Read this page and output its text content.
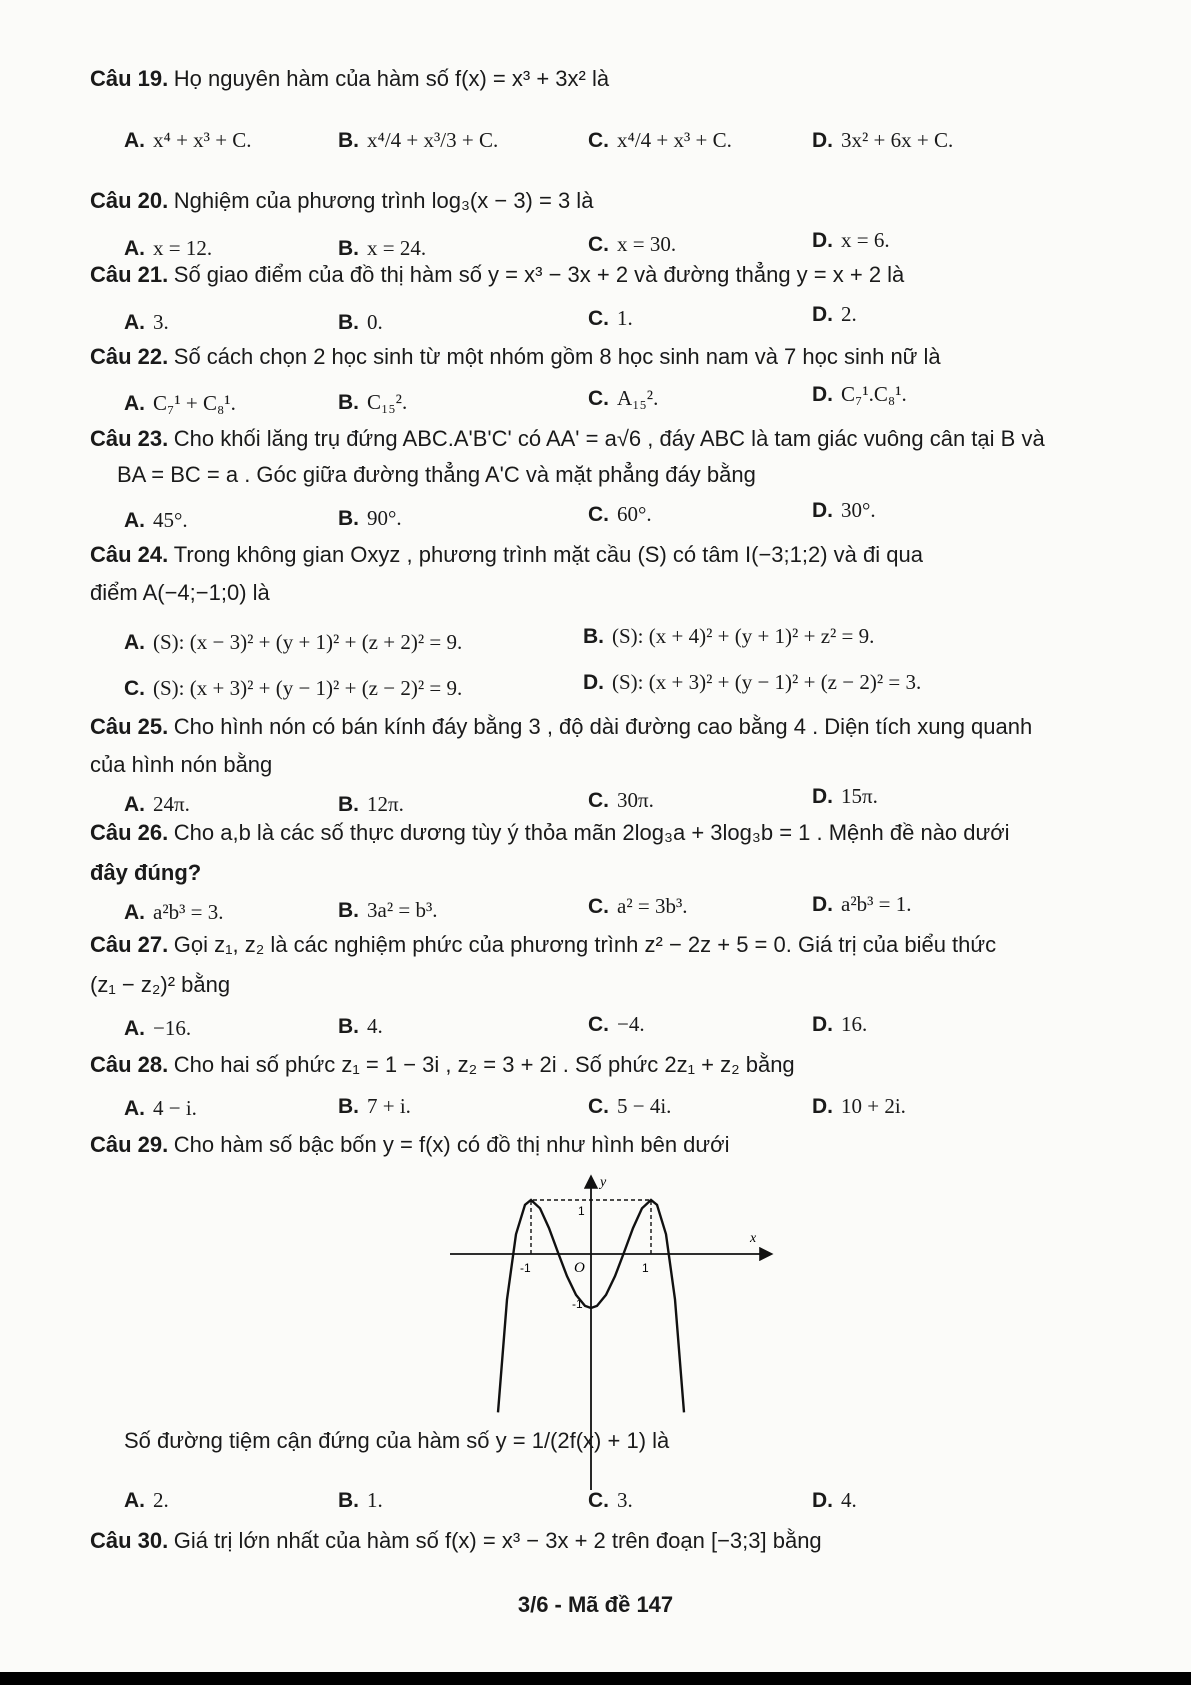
Câu 19. Họ nguyên hàm của hàm số f(x) = x³ + 3x² là
A. x⁴ + x³ + C.	B. x⁴/4 + x³/3 + C.	C. x⁴/4 + x³ + C.	D. 3x² + 6x + C.
Câu 20. Nghiệm của phương trình log₃(x − 3) = 3 là
A. x = 12.	B. x = 24.	C. x = 30.	D. x = 6.
Câu 21. Số giao điểm của đồ thị hàm số y = x³ − 3x + 2 và đường thẳng y = x + 2 là
A. 3.	B. 0.	C. 1.	D. 2.
Câu 22. Số cách chọn 2 học sinh từ một nhóm gồm 8 học sinh nam và 7 học sinh nữ là
A. C₇¹ + C₈¹.	B. C₁₅².	C. A₁₅².	D. C₇¹.C₈¹.
Câu 23. Cho khối lăng trụ đứng ABC.A'B'C' có AA' = a√6 , đáy ABC là tam giác vuông cân tại B và
BA = BC = a . Góc giữa đường thẳng A'C và mặt phẳng đáy bằng
A. 45°.	B. 90°.	C. 60°.	D. 30°.
Câu 24. Trong không gian Oxyz , phương trình mặt cầu (S) có tâm I(−3;1;2) và đi qua
điểm A(−4;−1;0) là
A. (S): (x − 3)² + (y + 1)² + (z + 2)² = 9.	B. (S): (x + 4)² + (y + 1)² + z² = 9.
C. (S): (x + 3)² + (y − 1)² + (z − 2)² = 9.	D. (S): (x + 3)² + (y − 1)² + (z − 2)² = 3.
Câu 25. Cho hình nón có bán kính đáy bằng 3 , độ dài đường cao bằng 4 . Diện tích xung quanh
của hình nón bằng
A. 24π.	B. 12π.	C. 30π.	D. 15π.
Câu 26. Cho a,b là các số thực dương tùy ý thỏa mãn 2log₃a + 3log₃b = 1 . Mệnh đề nào dưới
đây đúng?
A. a²b³ = 3.	B. 3a² = b³.	C. a² = 3b³.	D. a²b³ = 1.
Câu 27. Gọi z₁, z₂ là các nghiệm phức của phương trình z² − 2z + 5 = 0. Giá trị của biểu thức
(z₁ − z₂)² bằng
A. −16.	B. 4.	C. −4.	D. 16.
Câu 28. Cho hai số phức z₁ = 1 − 3i , z₂ = 3 + 2i . Số phức 2z₁ + z₂ bằng
A. 4 − i.	B. 7 + i.	C. 5 − 4i.	D. 10 + 2i.
Câu 29. Cho hàm số bậc bốn y = f(x) có đồ thị như hình bên dưới
x
y
O
-1	1
1
-1
Số đường tiệm cận đứng của hàm số y = 1/(2f(x) + 1) là
A. 2.	B. 1.	C. 3.	D. 4.
Câu 30. Giá trị lớn nhất của hàm số f(x) = x³ − 3x + 2 trên đoạn [−3;3] bằng
3/6 - Mã đề 147
